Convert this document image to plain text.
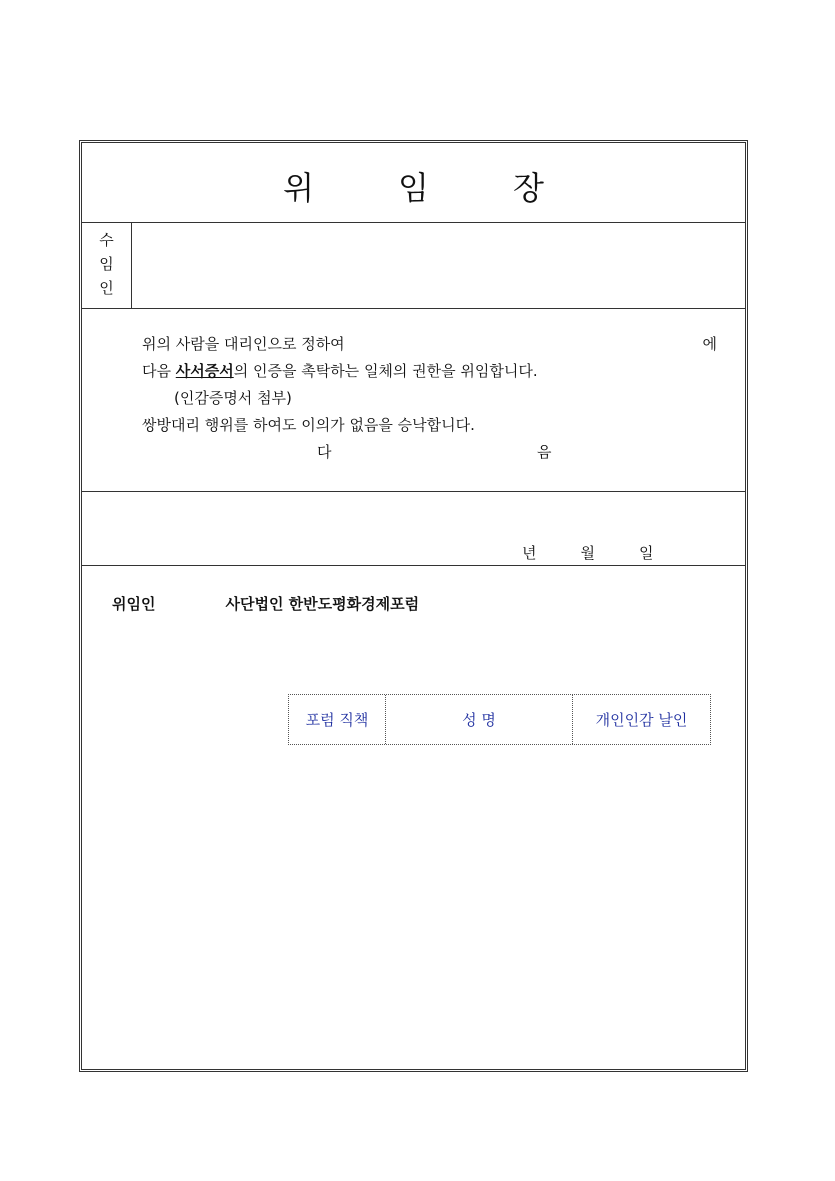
위	임	장
수
임
인
위의 사람을 대리인으로 정하여	에
다음 사서증서의 인증을 촉탁하는 일체의 권한을 위임합니다.
(인감증명서 첨부)
쌍방대리 행위를 하여도 이의가 없음을 승낙합니다.
다	음
년	월	일
위임인	사단법인 한반도평화경제포럼
포럼 직책	성 명	개인인감 날인
